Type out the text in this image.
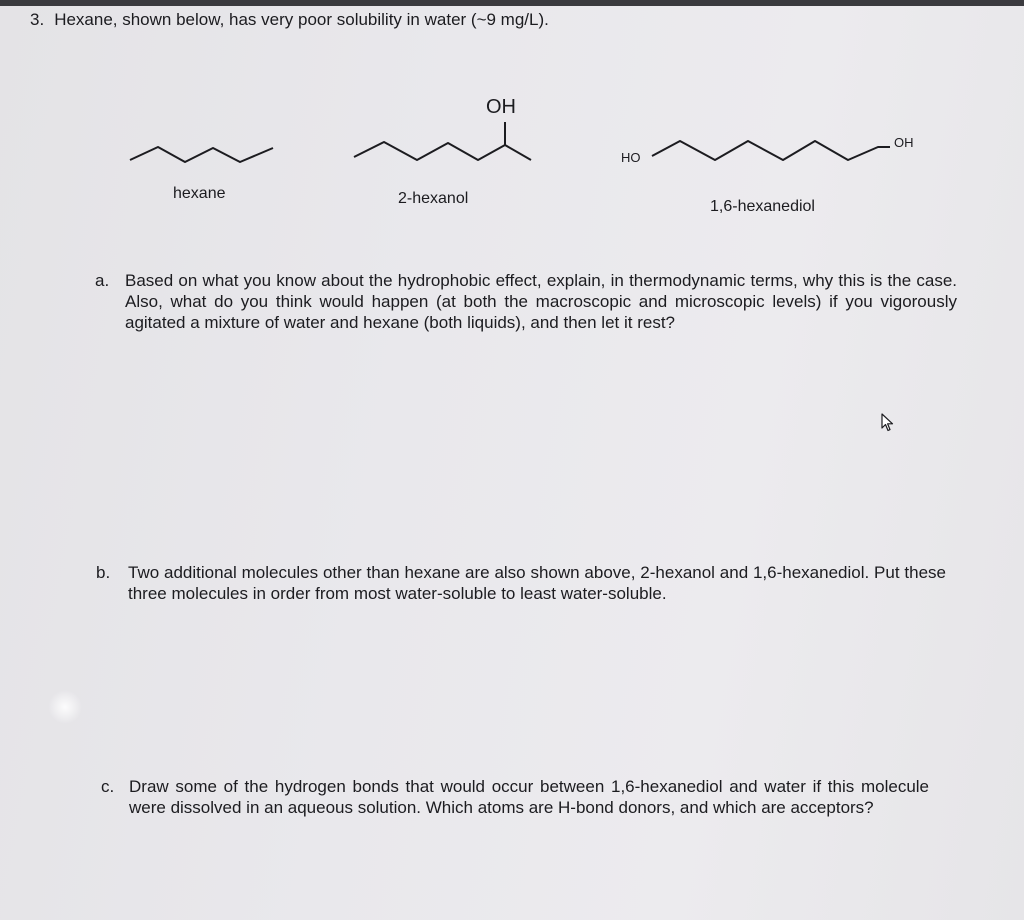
3. Hexane, shown below, has very poor solubility in water (~9 mg/L).
OH
HO
OH
hexane	2-hexanol	1,6-hexanediol
a. Based on what you know about the hydrophobic effect, explain, in thermodynamic terms, why this is the case. Also, what do you think would happen (at both the macroscopic and microscopic levels) if you vigorously agitated a mixture of water and hexane (both liquids), and then let it rest?
b. Two additional molecules other than hexane are also shown above, 2-hexanol and 1,6-hexanediol. Put these three molecules in order from most water-soluble to least water-soluble.
c. Draw some of the hydrogen bonds that would occur between 1,6-hexanediol and water if this molecule were dissolved in an aqueous solution. Which atoms are H-bond donors, and which are acceptors?
